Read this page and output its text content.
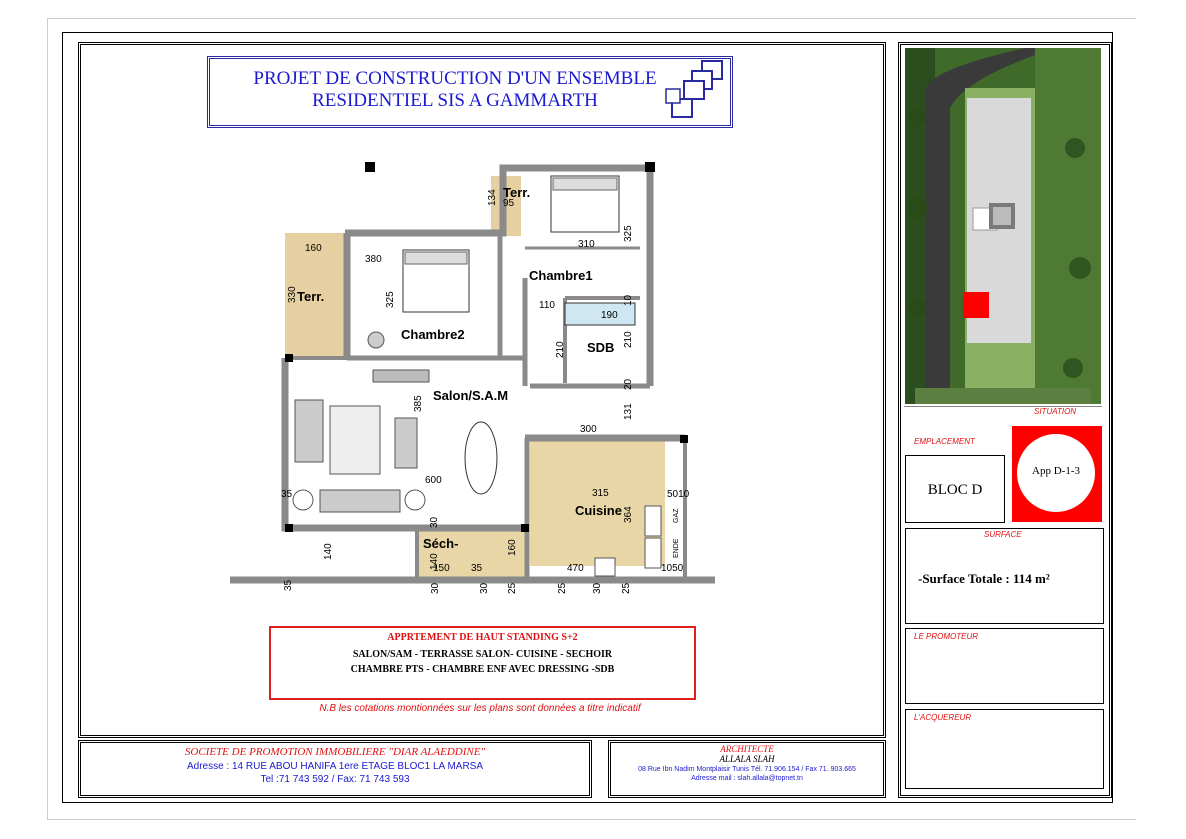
PROJET DE CONSTRUCTION D'UN ENSEMBLE
RESIDENTIEL SIS A GAMMARTH
Terr.
Chambre1
Chambre2
Terr.
SDB
Salon/S.A.M
Cuisine
Séch-
134 95
310
325
160
380
330	325	110	10
190
210
210
20
385	131
300
600
35	315	5010
364
30
140
140
150 35
160
470	1050
35	30	30 25	25 30 25
GAZ
ENDE
APPRTEMENT DE HAUT STANDING S+2
SALON/SAM - TERRASSE SALON- CUISINE - SECHOIR
CHAMBRE PTS - CHAMBRE ENF AVEC DRESSING -SDB
N.B les cotations montionnées sur les plans sont données a titre indicatif
SOCIETE DE PROMOTION IMMOBILIERE "DIAR ALAEDDINE"
Adresse : 14 RUE ABOU HANIFA 1ere ETAGE BLOC1 LA MARSA
Tel :71 743 592 / Fax: 71 743 593
ARCHITECTE
ALLALA SLAH
08 Rue Ibn Nadim Montplaisir Tunis Tél. 71.906.154 / Fax 71. 903.665
Adresse mail : slah.allala@topnet.tn
SITUATION
EMPLACEMENT
BLOC D
App D-1-3
SURFACE
-Surface Totale : 114 m²
LE PROMOTEUR
L'ACQUEREUR
